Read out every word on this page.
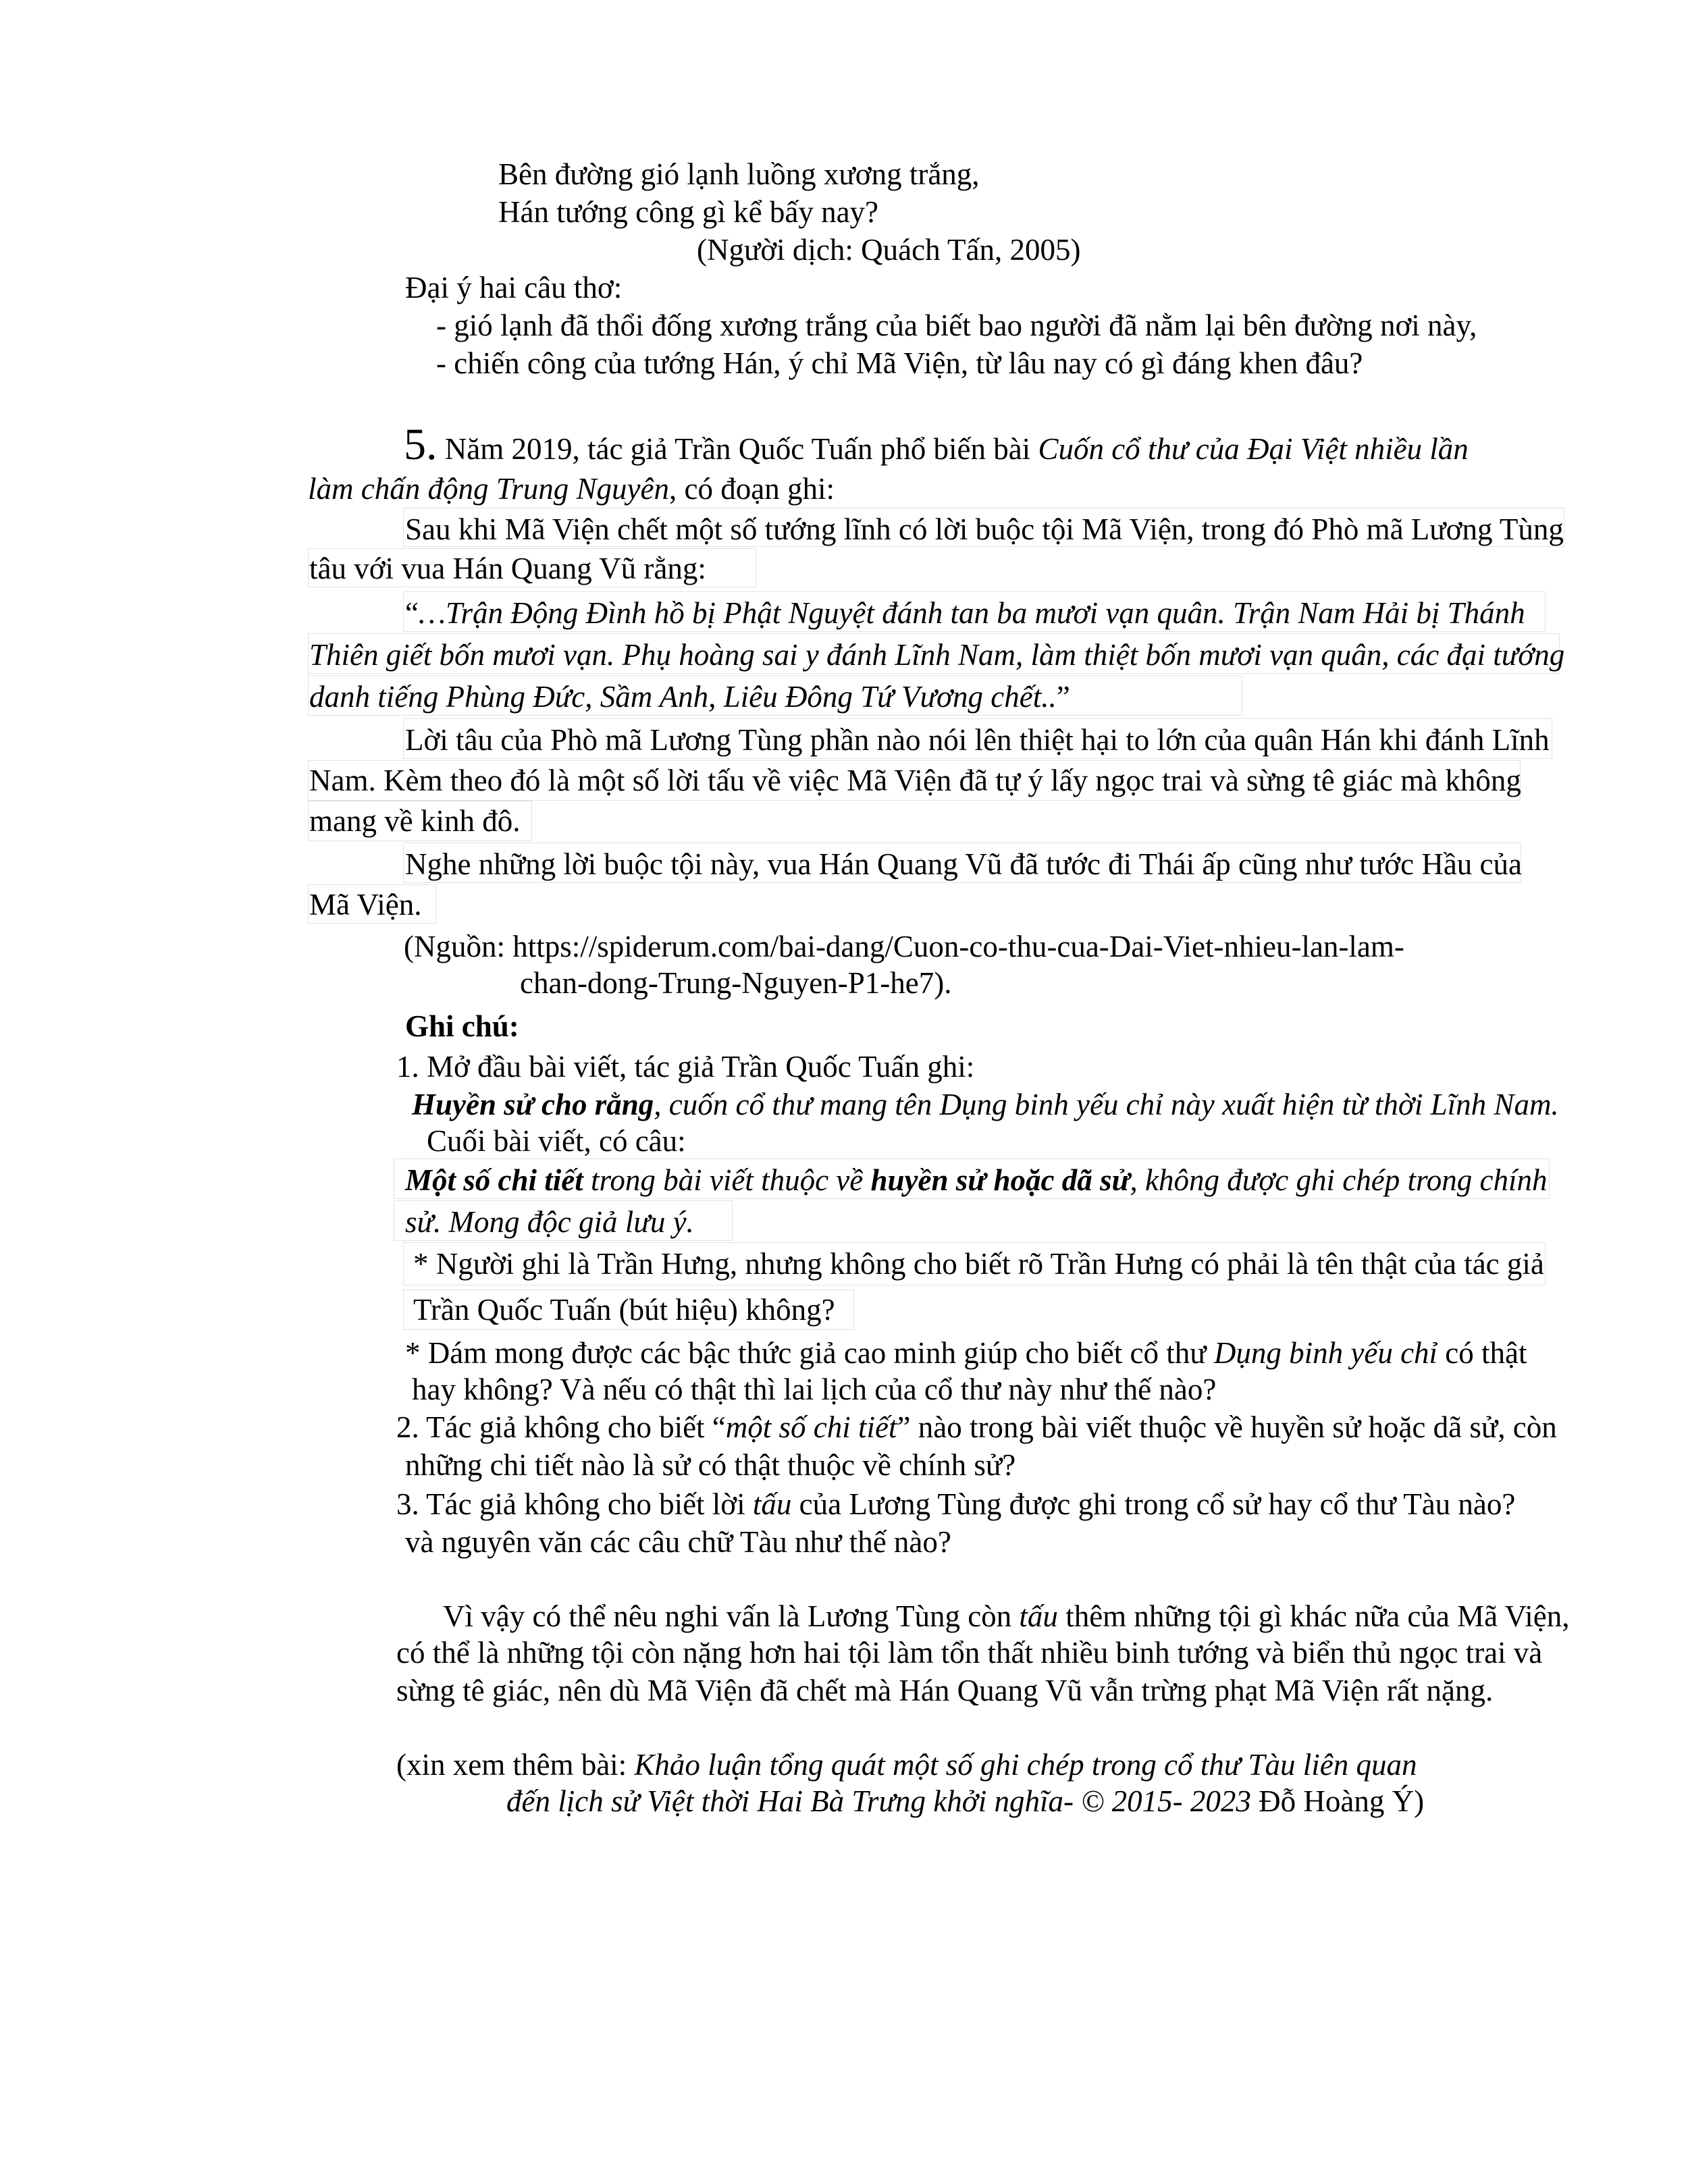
Bên đường gió lạnh luồng xương trắng,
Hán tướng công gì kể bấy nay?
(Người dịch: Quách Tấn, 2005)
Đại ý hai câu thơ:
- gió lạnh đã thổi đống xương trắng của biết bao người đã nằm lại bên đường nơi này,
- chiến công của tướng Hán, ý chỉ Mã Viện, từ lâu nay có gì đáng khen đâu?
5. Năm 2019, tác giả Trần Quốc Tuấn phổ biến bài Cuốn cổ thư của Đại Việt nhiều lần
làm chấn động Trung Nguyên, có đoạn ghi:
Sau khi Mã Viện chết một số tướng lĩnh có lời buộc tội Mã Viện, trong đó Phò mã Lương Tùng
tâu với vua Hán Quang Vũ rằng:
“…Trận Động Đình hồ bị Phật Nguyệt đánh tan ba mươi vạn quân. Trận Nam Hải bị Thánh
Thiên giết bốn mươi vạn. Phụ hoàng sai y đánh Lĩnh Nam, làm thiệt bốn mươi vạn quân, các đại tướng
danh tiếng Phùng Đức, Sầm Anh, Liêu Đông Tứ Vương chết..”
Lời tâu của Phò mã Lương Tùng phần nào nói lên thiệt hại to lớn của quân Hán khi đánh Lĩnh
Nam. Kèm theo đó là một số lời tấu về việc Mã Viện đã tự ý lấy ngọc trai và sừng tê giác mà không
mang về kinh đô.
Nghe những lời buộc tội này, vua Hán Quang Vũ đã tước đi Thái ấp cũng như tước Hầu của
Mã Viện.
(Nguồn: https://spiderum.com/bai-dang/Cuon-co-thu-cua-Dai-Viet-nhieu-lan-lam-
chan-dong-Trung-Nguyen-P1-he7).
Ghi chú:
1. Mở đầu bài viết, tác giả Trần Quốc Tuấn ghi:
Huyền sử cho rằng, cuốn cổ thư mang tên Dụng binh yếu chỉ này xuất hiện từ thời Lĩnh Nam.
Cuối bài viết, có câu:
Một số chi tiết trong bài viết thuộc về huyền sử hoặc dã sử, không được ghi chép trong chính
sử. Mong độc giả lưu ý.
* Người ghi là Trần Hưng, nhưng không cho biết rõ Trần Hưng có phải là tên thật của tác giả
Trần Quốc Tuấn (bút hiệu) không?
* Dám mong được các bậc thức giả cao minh giúp cho biết cổ thư Dụng binh yếu chỉ có thật
hay không? Và nếu có thật thì lai lịch của cổ thư này như thế nào?
2. Tác giả không cho biết “một số chi tiết” nào trong bài viết thuộc về huyền sử hoặc dã sử, còn
những chi tiết nào là sử có thật thuộc về chính sử?
3. Tác giả không cho biết lời tấu của Lương Tùng được ghi trong cổ sử hay cổ thư Tàu nào?
và nguyên văn các câu chữ Tàu như thế nào?
Vì vậy có thể nêu nghi vấn là Lương Tùng còn tấu thêm những tội gì khác nữa của Mã Viện,
có thể là những tội còn nặng hơn hai tội làm tổn thất nhiều binh tướng và biển thủ ngọc trai và
sừng tê giác, nên dù Mã Viện đã chết mà Hán Quang Vũ vẫn trừng phạt Mã Viện rất nặng.
(xin xem thêm bài: Khảo luận tổng quát một số ghi chép trong cổ thư Tàu liên quan
đến lịch sử Việt thời Hai Bà Trưng khởi nghĩa- © 2015- 2023 Đỗ Hoàng Ý)
